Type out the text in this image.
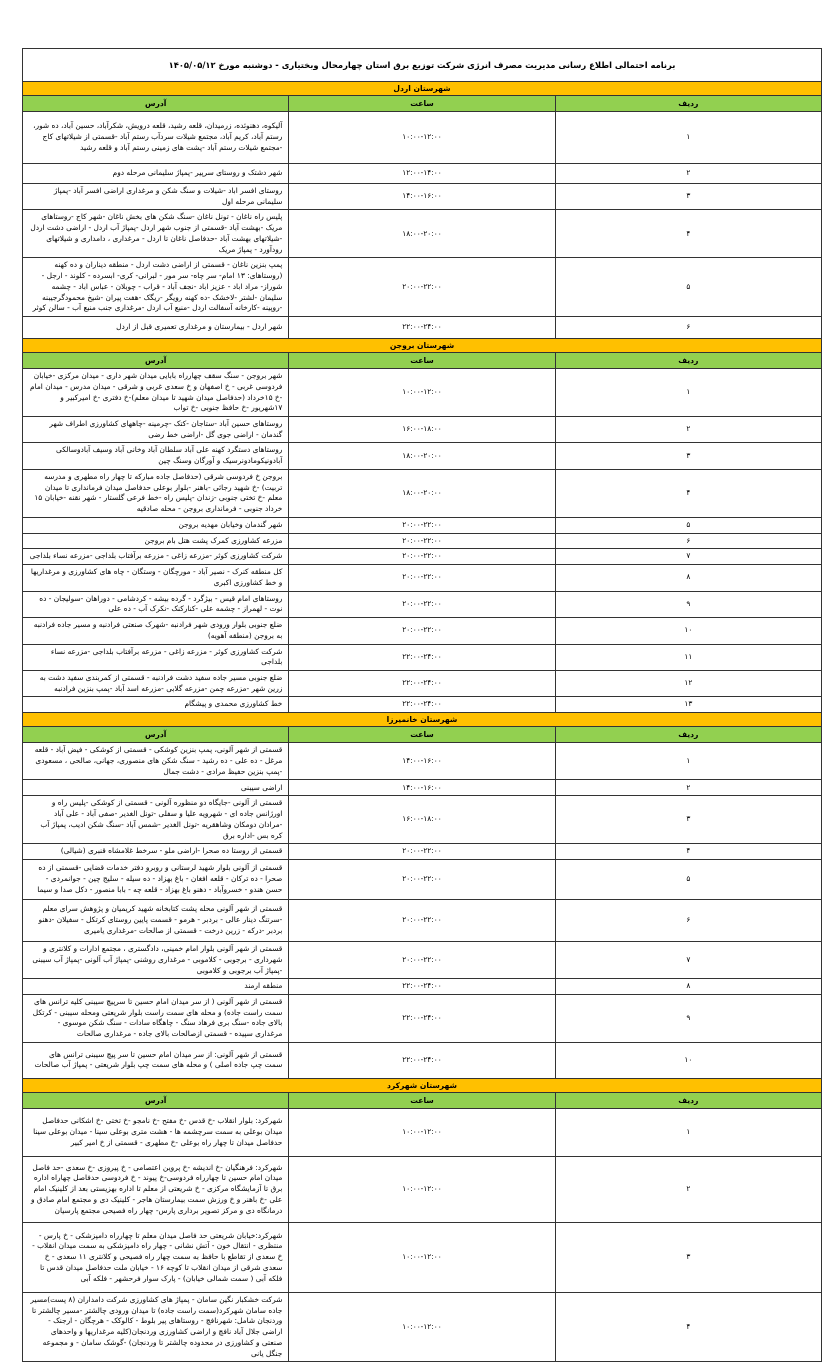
برنامه احتمالی اطلاع رسانی مدیریت مصرف انرژی شرکت توزیع برق استان چهارمحال وبختیاری - دوشنبه مورخ ۱۴۰۵/۰۵/۱۲		
شهرستان اردل		
ردیف	ساعت	آدرس
۱	۱۰:۰۰-۱۲:۰۰	آلیکوه، دهنوئده، زرمیدان، قلعه رشید، قلعه درویش، شکرآباد، حسین آباد، ده شور، رستم آباد، کریم آباد، مجتمع شیلات سردآب رستم آباد -قسمتی از شیلاتهای کاج -مجتمع شیلات رستم آباد -پشت های زمینی رستم آباد و قلعه رشید
۲	۱۲:۰۰-۱۴:۰۰	شهر دشتک و روستای سرپیر -پمپاژ سلیمانی مرحله دوم
۳	۱۴:۰۰-۱۶:۰۰	روستای افسر اباد -شیلات و سنگ شکن و مرغداری اراضی افسر آباد -پمپاژ سلیمانی مرحله اول
۴	۱۸:۰۰-۲۰:۰۰	پلیس راه ناغان - تونل ناغان -سنگ شکن های بخش ناغان -شهر کاج -روستاهای مریک -بهشت آباد -قسمتی از جنوب شهر اردل -پمپاژ آب اردل - اراضی دشت اردل -شیلاتهای بهشت آباد -حدفاصل ناغان تا اردل - مرغداری ، دامداری و شیلاتهای رودآورد - پمپاژ مریک
۵	۲۰:۰۰-۲۲:۰۰	پمپ بنزین ناغان - قسمتی از اراضی دشت اردل - منطقه دیناران و ده کهنه (روستاهای: ۱۳ امام- سر چاه- سر مور - لبرانی- کری- ابسرده - کلوند - ارجل - شوراز- مراد اباد - عزیز اباد -نجف آباد - قراب - چوبلان - عباس اباد - چشمه سلیمان -لشتر -لاخشک -ده کهنه رویگر -ریگک -هفت پیران -شیخ محمودگرجیبنه -روپینه -کارخانه آسفالت اردل -منبع آب اردل -مرغداری جنب منبع آب - سالن کوثر
۶	۲۲:۰۰-۲۴:۰۰	شهر اردل - بیمارستان و مرغداری تعمیری قبل از اردل
شهرستان بروجن		
ردیف	ساعت	آدرس
۱	۱۰:۰۰-۱۲:۰۰	شهر بروجن - سنگ سقف چهارراه بابایی میدان شهر داری - میدان مرکزی -خیابان فردوسی غربی - خ اصفهان و خ سعدی غربی و شرقی - میدان مدرس - میدان امام -خ ۱۵خرداد (حدفاصل میدان شهید تا میدان معلم)-خ دفتری -خ امیرکبیر و ۱۷شهریور -خ حافظ جنوبی -خ تواب
۲	۱۶:۰۰-۱۸:۰۰	روستاهای حسین آباد -ستاجان -کتک -چرمینه -چاههای کشاورزی اطراف شهر گندمان - اراضی جوی گل -اراضی خط رضی
۳	۱۸:۰۰-۲۰:۰۰	روستاهای دستگرد کهنه علی آباد سلطان آباد وخانی آباد وسیف آبادوسالکی آبادونیکومادونرسیک و آورگان وسنگ چین
۴	۱۸:۰۰-۲۰:۰۰	بروجن خ فردوسی شرقی (حدفاصل جاده مبارکه تا چهار راه مطهری و مدرسه تربیت) -خ شهید رجائی -باهنر -بلوار بوعلی حدفاصل میدان فرمانداری تا میدان معلم -خ تختی جنوبی -زندان -پلیس راه -خط فرعی گلستار - شهر نقنه -خیابان ۱۵ خرداد جنوبی - فرمانداری بروجن - محله صادقیه
۵	۲۰:۰۰-۲۲:۰۰	شهر گندمان وخیابان مهدیه بروجن
۶	۲۰:۰۰-۲۲:۰۰	مزرعه کشاورزی کمرک پشت هتل بام بروجن
۷	۲۰:۰۰-۲۲:۰۰	شرکت کشاورزی کوثر -مزرعه زاغی - مزرعه برآفتاب بلداجی -مزرعه نساء بلداجی
۸	۲۰:۰۰-۲۲:۰۰	کل منطقه کنرک - نصیر آباد - مورچگان - وستگان - چاه های کشاورزی و مرغداریها و خط کشاورزی اکبری
۹	۲۰:۰۰-۲۲:۰۰	روستاهای امام قیس - بیژگرد - گرده بیشه - کردشامی - دوراهان -سولیجان - ده نوت - لهمراز - چشمه علی -کنارکنک -نکرک آب - ده علی
۱۰	۲۰:۰۰-۲۲:۰۰	ضلع جنوبی بلوار ورودی شهر فرادنبه -شهرک صنعتی فرادنبه و مسیر جاده فرادنبه به بروجن (منطقه آهویه)
۱۱	۲۲:۰۰-۲۴:۰۰	شرکت کشاورزی کوثر - مزرعه زاغی - مزرعه برآفتاب بلداجی -مزرعه نساء بلداجی
۱۲	۲۲:۰۰-۲۴:۰۰	ضلع جنوبی مسیر جاده سفید دشت فرادنبه - قسمتی از کمربندی سفید دشت به زرین شهر -مزرعه چمن -مزرعه گلابی -مزرعه اسد آباد -پمپ بنزین فرادنبه
۱۳	۲۲:۰۰-۲۴:۰۰	خط کشاورزی محمدی و پیشگام
شهرستان خانمیرزا		
ردیف	ساعت	آدرس
۱	۱۴:۰۰-۱۶:۰۰	قسمتی از شهر آلونی، پمپ بنزین کوشکی - قسمتی از کوشکی - فیض آباد - قلعه مرغل - ده علی - ده رشید - سنگ شکن های منصوری، جهانی، صالحی ، مسعودی -پمپ بنزین حفیظ مرادی - دشت جمال
۲	۱۴:۰۰-۱۶:۰۰	اراضی سیبنی
۳	۱۶:۰۰-۱۸:۰۰	قسمتی از آلونی -جایگاه دو منظوره آلونی - قسمتی از کوشکی -پلیس راه و اورژانس جاده ای - شهرویه علیا و سفلی -تونل الغدیر -صفی آباد - علی آباد -مرادان دومکان وشاهقریه -تونل الغدیر -شمس آباد -سنگ شکن ادیب، پمپاژ آب کره بس -اداره برق
۴	۲۰:۰۰-۲۲:۰۰	قسمتی از روستا ده صحرا -اراضی ملو - سرخط غلامشاه قنبری (شیالی)
۵	۲۰:۰۰-۲۲:۰۰	قسمتی از آلونی بلوار شهید لرستانی و روبرو دفتر خدمات قضایی -قسمتی از ده صحرا - ده ترکان - قلعه افغان - باغ بهزاد - ده سیله - سلیج چین - جوانمردی - حسن هندو - خسروآباد - دهنو باغ بهزاد - قلعه چه - بابا منصور - دکل صدا و سیما
۶	۲۰:۰۰-۲۲:۰۰	قسمتی از شهر آلونی محله پشت کتابخانه شهید کریمیان و پژوهش سرای معلم -سرتنگ دینار عالی - بردبر - هرمو - قسمت پایین روستای کرتکل - سفیلان -دهنو بردبر -درکه - زرین درخت - قسمتی از صالحات -مرغداری یامیری
۷	۲۰:۰۰-۲۲:۰۰	قسمتی از شهر آلونی بلوار امام خمینی، دادگستری ، مجتمع ادارات و کلانتری و شهرداری - برجوبی - کلاموبی - مرغداری روشنی -پمپاژ آب آلونی -پمپاژ آب سیبنی -پمپاژ آب برجوبی و کلاموبی
۸	۲۲:۰۰-۲۴:۰۰	منطقه ارمند
۹	۲۲:۰۰-۲۴:۰۰	قسمتی از شهر آلونی ( از سر میدان امام حسین تا سرپیچ سیبنی کلیه ترانس های سمت راست جاده) و محله های سمت راست بلوار شریعتی ومحله سیبنی - کرتکل بالای جاده -سنگ بری فرهاد سنگ - چاهگاه سادات - سنگ شکن موسوی - مرغداری سپیده - قسمتی ازصالحات بالای جاده - مرغداری صالحات
۱۰	۲۲:۰۰-۲۴:۰۰	قسمتی از شهر آلونی: از سر میدان امام حسین تا سر پیچ سیبنی ترانس های سمت چپ جاده اصلی ) و محله های سمت چپ بلوار شریعتی - پمپاژ آب صالحات
شهرستان شهرکرد		
ردیف	ساعت	آدرس
۱	۱۰:۰۰-۱۲:۰۰	شهرکرد: بلوار انقلاب -خ قدس -خ مفتح -خ نامجو -خ تختی -خ اشکانی حدفاصل میدان بوعلی به سمت سرچشمه ها - هشت متری بوعلی سینا - میدان بوعلی سینا حدفاصل میدان تا چهار راه بوعلی -خ مطهری - قسمتی از خ امیر کبیر
۲	۱۰:۰۰-۱۲:۰۰	شهرکرد: فرهنگیان -خ اندیشه -خ پروین اعتصامی - خ پیروزی -خ سعدی -حد فاصل میدان امام حسین تا چهارراه فردوسی-خ پیوند - خ فردوسی حدفاصل چهاراه اداره برق تا آزمایشگاه مرکزی - خ شریعتی از معلم تا اداره بهزیستی بعد از کلینیک امام علی -خ باهنر و خ ورزش سمت بیمارستان هاجر - کلینیک دی و مجتمع امام صادق و درمانگاه دی و مرکز تصویر برداری پارس- چهار راه فصیحی مجتمع پارسیان
۳	۱۰:۰۰-۱۲:۰۰	شهرکرد:خیابان شریعتی حد فاصل میدان معلم تا چهارراه دامپزشکی - خ پارس - منتظری - انتقال خون - آتش نشانی - چهار راه دامپزشکی به سمت میدان انقلاب - خ سعدی از تقاطع با حافظ به سمت چهار راه فصیحی و کلانتری ۱۱ سعدی - خ سعدی شرقی از میدان انقلاب تا کوچه ۱۶ - خیابان ملت حدفاصل میدان قدس تا فلکه آبی ( سمت شمالی خیابان) - پارک سوار فرحشهر - فلکه آبی
۴	۱۰:۰۰-۱۲:۰۰	شرکت خشکبار نگین سامان - پمپاژ های کشاورزی شرکت دامداران (۸ پست)مسیر جاده سامان شهرکرد(سمت راست جاده) تا میدان ورودی چالشتر -مسیر چالشتر تا وردنجان شامل: شهرنافچ - روستاهای پیر بلوط - کالوکک - هرچگان - ارجنک - اراضی جلال آباد نافچ و اراضی کشاورزی وردنجان(کلیه مرغداریها و واحدهای صنعتی و کشاورزی در محدوده چالشتر تا وردنجان) -گوشک سامان - و مجموعه جنگل یانی
